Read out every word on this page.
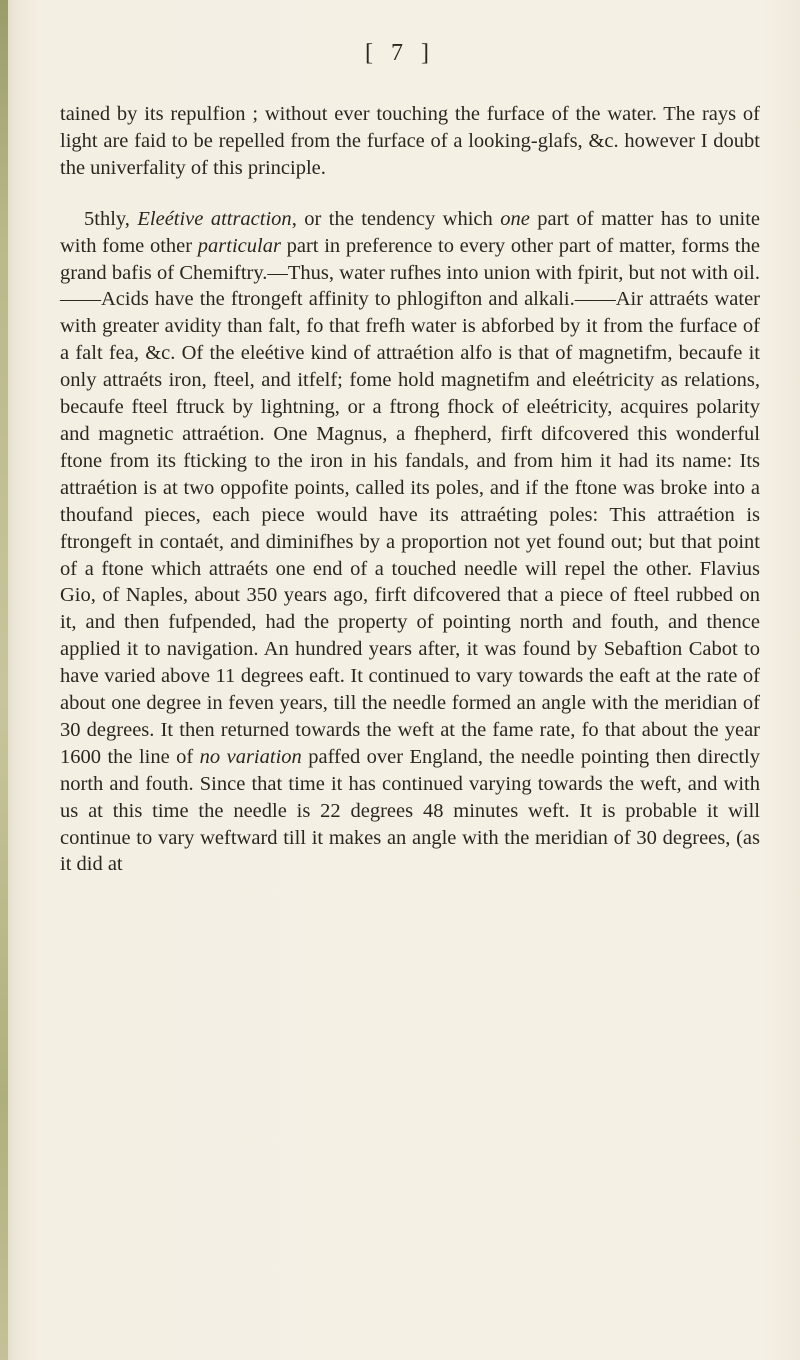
[ 7 ]

tained by its repulfion ; without ever touching the furface of the water. The rays of light are faid to be repelled from the furface of a looking-glafs, &c. however I doubt the univerfality of this principle.

5thly, Eleétive attraction, or the tendency which one part of matter has to unite with fome other particular part in preference to every other part of matter, forms the grand bafis of Chemiftry.—Thus, water rufhes into union with fpirit, but not with oil.——Acids have the ftrongeft affinity to phlogifton and alkali.——Air attraéts water with greater avidity than falt, fo that frefh water is abforbed by it from the furface of a falt fea, &c. Of the eleétive kind of attraétion alfo is that of magnetifm, becaufe it only attraéts iron, fteel, and itfelf; fome hold magnetifm and eleétricity as relations, becaufe fteel ftruck by lightning, or a ftrong fhock of eleétricity, acquires polarity and magnetic attraétion. One Magnus, a fhepherd, firft difcovered this wonderful ftone from its fticking to the iron in his fandals, and from him it had its name: Its attraétion is at two oppofite points, called its poles, and if the ftone was broke into a thoufand pieces, each piece would have its attraéting poles: This attraétion is ftrongeft in contaét, and diminifhes by a proportion not yet found out; but that point of a ftone which attraéts one end of a touched needle will repel the other. Flavius Gio, of Naples, about 350 years ago, firft difcovered that a piece of fteel rubbed on it, and then fufpended, had the property of pointing north and fouth, and thence applied it to navigation. An hundred years after, it was found by Sebaftion Cabot to have varied above 11 degrees eaft. It continued to vary towards the eaft at the rate of about one degree in feven years, till the needle formed an angle with the meridian of 30 degrees. It then returned towards the weft at the fame rate, fo that about the year 1600 the line of no variation paffed over England, the needle pointing then directly north and fouth. Since that time it has continued varying towards the weft, and with us at this time the needle is 22 degrees 48 minutes weft. It is probable it will continue to vary weftward till it makes an angle with the meridian of 30 degrees, (as it did at
